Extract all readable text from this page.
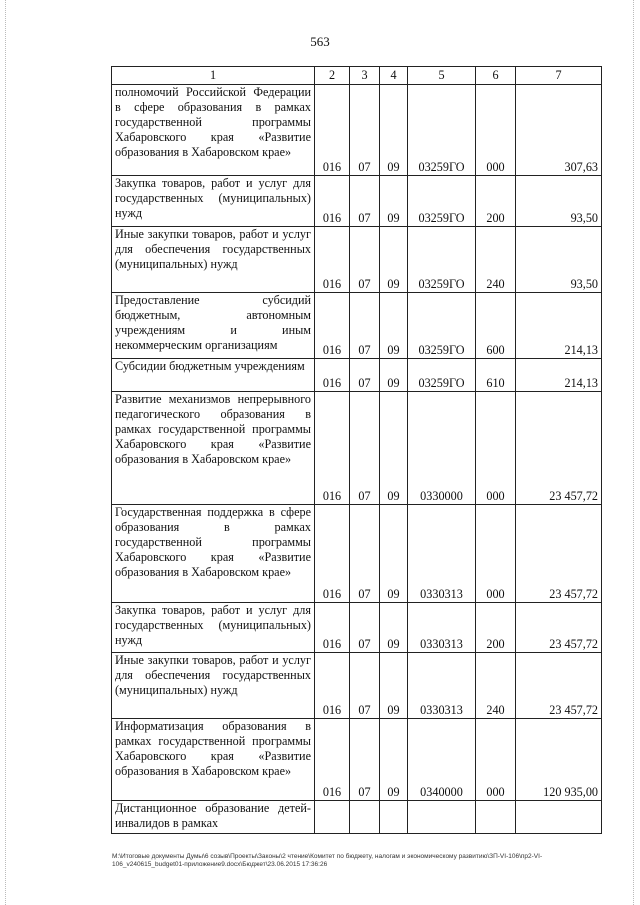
563
1	2	3	4	5	6	7
полномочий Российской Федерации в сфере образования в рамках государственной программы Хабаровского края «Развитие образования в Хабаровском крае»	016	07	09	03259ГО	000	307,63
Закупка товаров, работ и услуг для государственных (муниципальных) нужд	016	07	09	03259ГО	200	93,50
Иные закупки товаров, работ и услуг для обеспечения государственных (муниципальных) нужд	016	07	09	03259ГО	240	93,50
Предоставление субсидий бюджетным, автономным учреждениям и иным некоммерческим организациям	016	07	09	03259ГО	600	214,13
Субсидии бюджетным учреждениям	016	07	09	03259ГО	610	214,13
Развитие механизмов непрерывного педагогического образования в рамках государственной программы Хабаровского края «Развитие образования в Хабаровском крае»	016	07	09	0330000	000	23 457,72
Государственная поддержка в сфере образования в рамках государственной программы Хабаровского края «Развитие образования в Хабаровском крае»	016	07	09	0330313	000	23 457,72
Закупка товаров, работ и услуг для государственных (муниципальных) нужд	016	07	09	0330313	200	23 457,72
Иные закупки товаров, работ и услуг для обеспечения государственных (муниципальных) нужд	016	07	09	0330313	240	23 457,72
Информатизация образования в рамках государственной программы Хабаровского края «Развитие образования в Хабаровском крае»	016	07	09	0340000	000	120 935,00
Дистанционное образование детей-инвалидов в рамках						
M:\Итоговые документы Думы\6 созыв\Проекты\Законы\2 чтение\Комитет по бюджету, налогам и экономическому развитию\ЗП-VI-106\пр2-VI-106_v240615_budget01-приложение9.docx\Бюджет\23.06.2015 17:36:26
